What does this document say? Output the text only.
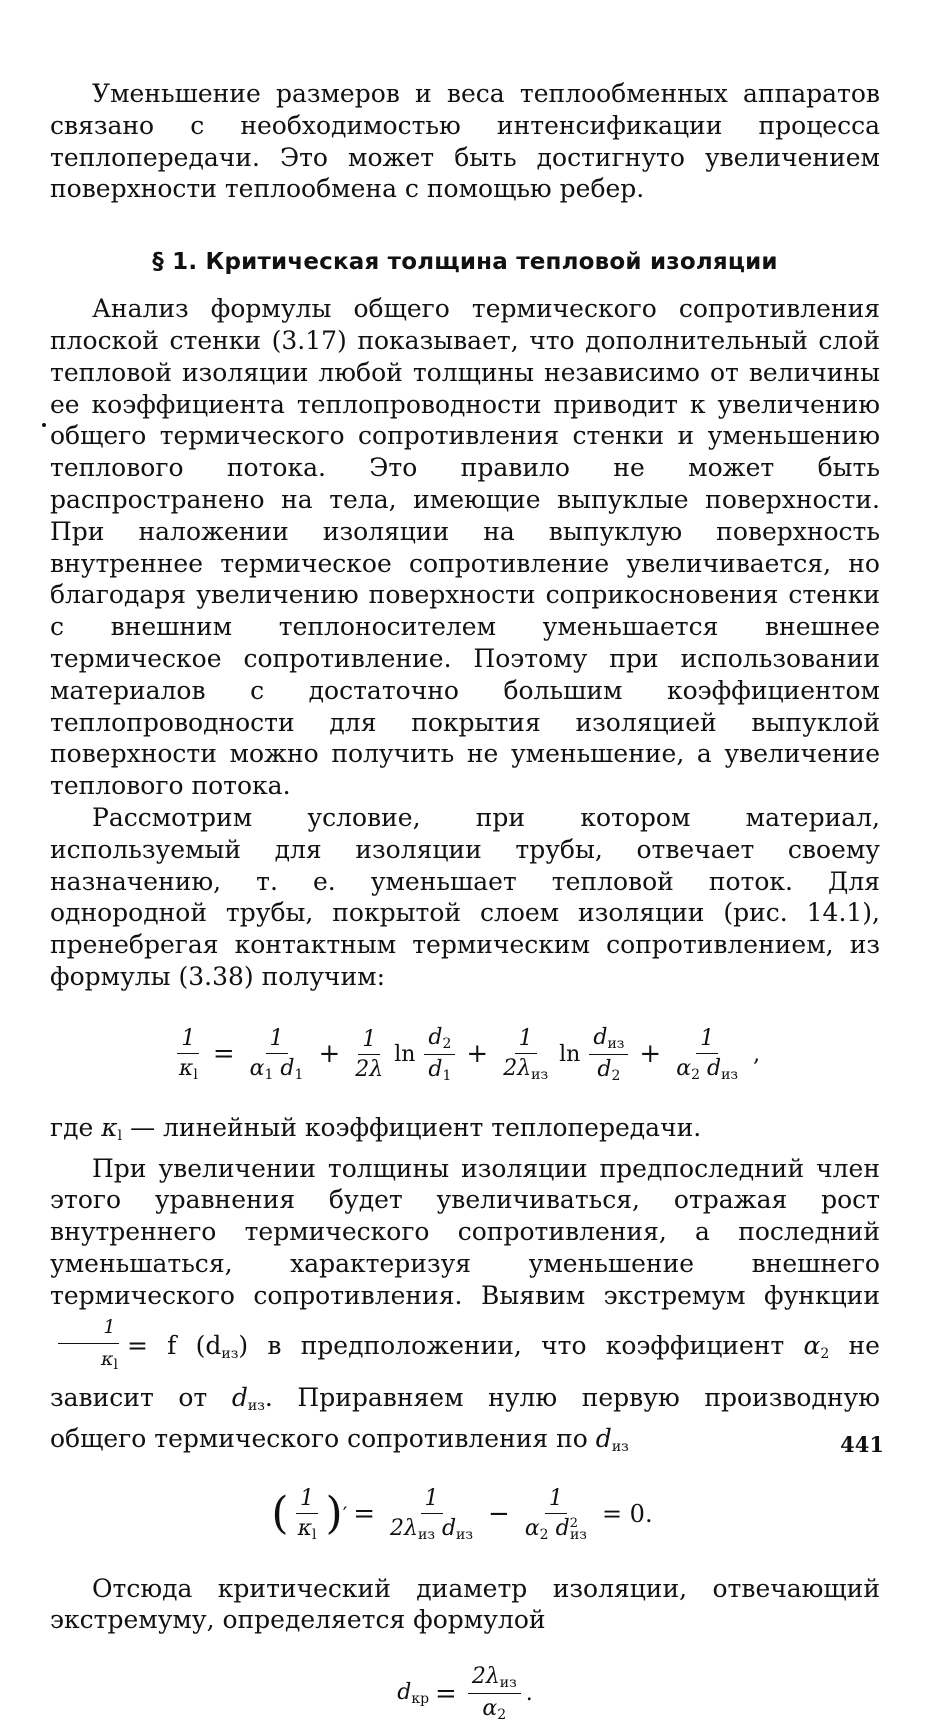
Уменьшение размеров и веса теплообменных аппаратов связано с необходимостью интенсификации процесса теплопередачи. Это может быть достигнуто увеличением поверхности теплообмена с помощью ребер.

§ 1. Критическая толщина тепловой изоляции

Анализ формулы общего термического сопротивления плоской стенки (3.17) показывает, что дополнительный слой тепловой изоляции любой толщины независимо от величины ее коэффициента теплопроводности приводит к увеличению общего термического сопротивления стенки и уменьшению теплового потока. Это правило не может быть распространено на тела, имеющие выпуклые поверхности. При наложении изоляции на выпуклую поверхность внутреннее термическое сопротивление увеличивается, но благодаря увеличению поверхности соприкосновения стенки с внешним теплоносителем уменьшается внешнее термическое сопротивление. Поэтому при использовании материалов с достаточно большим коэффициентом теплопроводности для покрытия изоляцией выпуклой поверхности можно получить не уменьшение, а увеличение теплового потока.

Рассмотрим условие, при котором материал, используемый для изоляции трубы, отвечает своему назначению, т. е. уменьшает тепловой поток. Для однородной трубы, покрытой слоем изоляции (рис. 14.1), пренебрегая контактным термическим сопротивлением, из формулы (3.38) получим:

$\frac{1}{\kappa_l} = \frac{1}{\alpha_1 d_1} + \frac{1}{2\lambda}$ $\ln \frac{d_2}{d_1} + \frac{1}{2\lambda_{из}}$ $\ln \frac{d_{из}}{d_2} + \frac{1}{\alpha_2 d_{из}}$ ,

где $\kappa_l$ — линейный коэффициент теплопередачи.

При увеличении толщины изоляции предпоследний член этого уравнения будет увеличиваться, отражая рост внутреннего термического сопротивления, а последний уменьшаться, характеризуя уменьшение внешнего термического сопротивления. Выявим экстремум функции
$\frac{1}{\kappa_l} = f$ $(d_{из})$ в предположении, что коэффициент $\alpha_2$ не зависит от $d_{из}$. Приравняем нулю первую производную общего термического сопротивления по $d_{из}$

( $\frac{1}{\kappa_l}$ ) ′ = $\frac{1}{2\lambda_{из} d_{из}} - \frac{1}{\alpha_2 d^2_{из}} = 0$.

Отсюда критический диаметр изоляции, отвечающий экстремуму, определяется формулой

$d_{кр} = \frac{2\lambda_{из}}{\alpha_2}$ .
441
